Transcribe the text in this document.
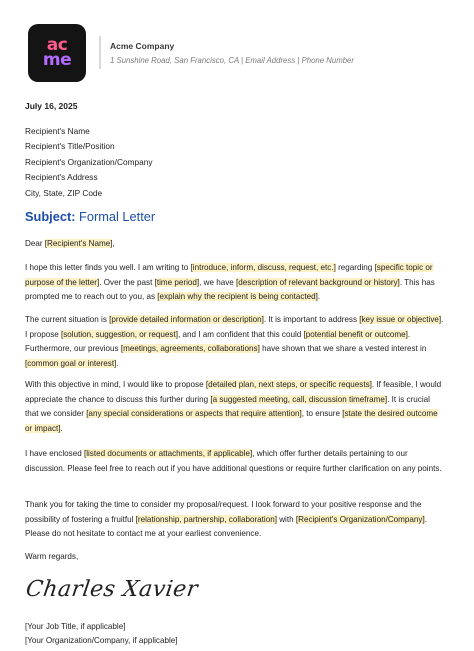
ac
me
Acme Company
1 Sunshine Road, San Francisco, CA | Email Address | Phone Number
July 16, 2025
Recipient's Name
Recipient's Title/Position
Recipient's Organization/Company
Recipient's Address
City, State, ZIP Code
Subject: Formal Letter
Dear [Recipient's Name],
I hope this letter finds you well. I am writing to [introduce, inform, discuss, request, etc.] regarding [specific topic or purpose of the letter]. Over the past [time period], we have [description of relevant background or history]. This has prompted me to reach out to you, as [explain why the recipient is being contacted].
The current situation is [provide detailed information or description]. It is important to address [key issue or objective]. I propose [solution, suggestion, or request], and I am confident that this could [potential benefit or outcome]. Furthermore, our previous [meetings, agreements, collaborations] have shown that we share a vested interest in [common goal or interest].
With this objective in mind, I would like to propose [detailed plan, next steps, or specific requests]. If feasible, I would appreciate the chance to discuss this further during [a suggested meeting, call, discussion timeframe]. It is crucial that we consider [any special considerations or aspects that require attention], to ensure [state the desired outcome or impact].
I have enclosed [listed documents or attachments, if applicable], which offer further details pertaining to our discussion. Please feel free to reach out if you have additional questions or require further clarification on any points.
Thank you for taking the time to consider my proposal/request. I look forward to your positive response and the possibility of fostering a fruitful [relationship, partnership, collaboration] with [Recipient's Organization/Company]. Please do not hesitate to contact me at your earliest convenience.
Warm regards,
Charles Xavier
[Your Job Title, if applicable]
[Your Organization/Company, if applicable]
